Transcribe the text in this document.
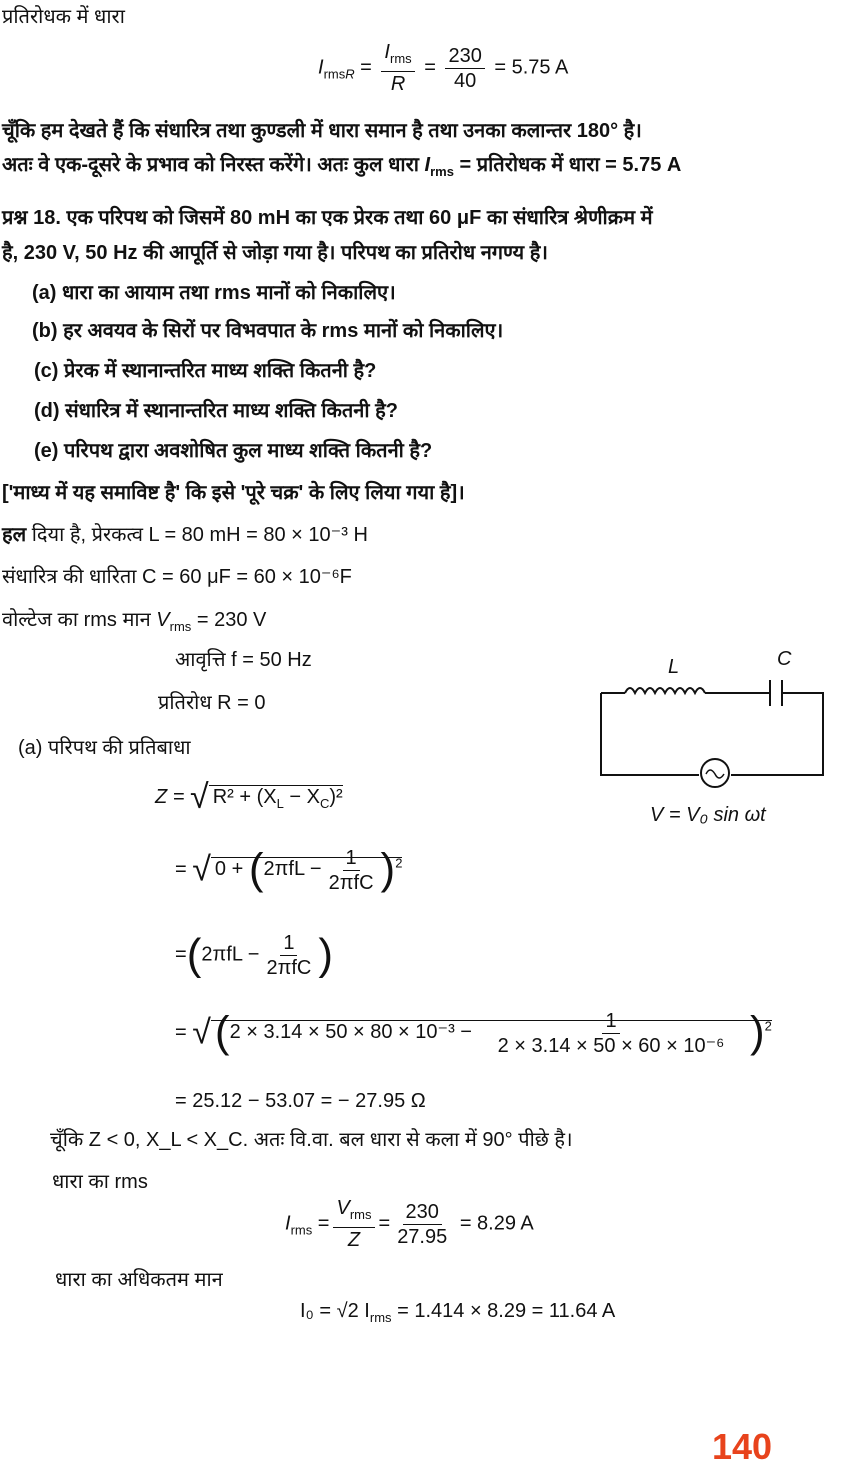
प्रतिरोधक में धारा
$I_{rmsR} = \frac{I_{rms}}{R} = \frac{230}{40} = 5.75$ A
चूँकि हम देखते हैं कि संधारित्र तथा कुण्डली में धारा समान है तथा उनका कलान्तर 180° है।
अतः वे एक-दूसरे के प्रभाव को निरस्त करेंगे। अतः कुल धारा $I_{rms}$ = प्रतिरोधक में धारा = 5.75 A
प्रश्न 18. एक परिपथ को जिसमें 80 mH का एक प्रेरक तथा 60 μF का संधारित्र श्रेणीक्रम में
है, 230 V, 50 Hz की आपूर्ति से जोड़ा गया है। परिपथ का प्रतिरोध नगण्य है।
(a) धारा का आयाम तथा rms मानों को निकालिए।
(b) हर अवयव के सिरों पर विभवपात के rms मानों को निकालिए।
(c) प्रेरक में स्थानान्तरित माध्य शक्ति कितनी है?
(d) संधारित्र में स्थानान्तरित माध्य शक्ति कितनी है?
(e) परिपथ द्वारा अवशोषित कुल माध्य शक्ति कितनी है?
['माध्य में यह समाविष्ट है' कि इसे 'पूरे चक्र' के लिए लिया गया है]।
हल दिया है, प्रेरकत्व L = 80 mH = 80 × 10⁻³ H
संधारित्र की धारिता C = 60 μF = 60 × 10⁻⁶F
वोल्टेज का rms मान $V_{rms} = 230$ V
आवृत्ति f = 50 Hz
प्रतिरोध R = 0
(a) परिपथ की प्रतिबाधा
Z = √ $R^2 + (X_L - X_C)^2$
= √ $0 + (2\pi fL - \frac{1}{\text{2πfC}} )^2$
$=(2\pi fL - \frac{1}{\text{2πfC}}$ )
= $√(2 \times 3.14 \times 50 \times 80 \times 10^{-3} - \frac{1}{\text{2 × 3.14 × 50 × 60 × 10⁻⁶}} )^2$
= 25.12 − 53.07 = − 27.95 Ω
चूँकि Z < 0, X_L < X_C. अतः वि.वा. बल धारा से कला में 90° पीछे है।
धारा का rms
$I_{rms} = \frac{V_{rms}}{Z} = \frac{230}{27.95} = 8.29$ A
धारा का अधिकतम मान
I₀ = √2 $I_{rms} = 1.414 \times 8.29 = 11.64$ A
L	C
V = V₀ sin ωt
140
